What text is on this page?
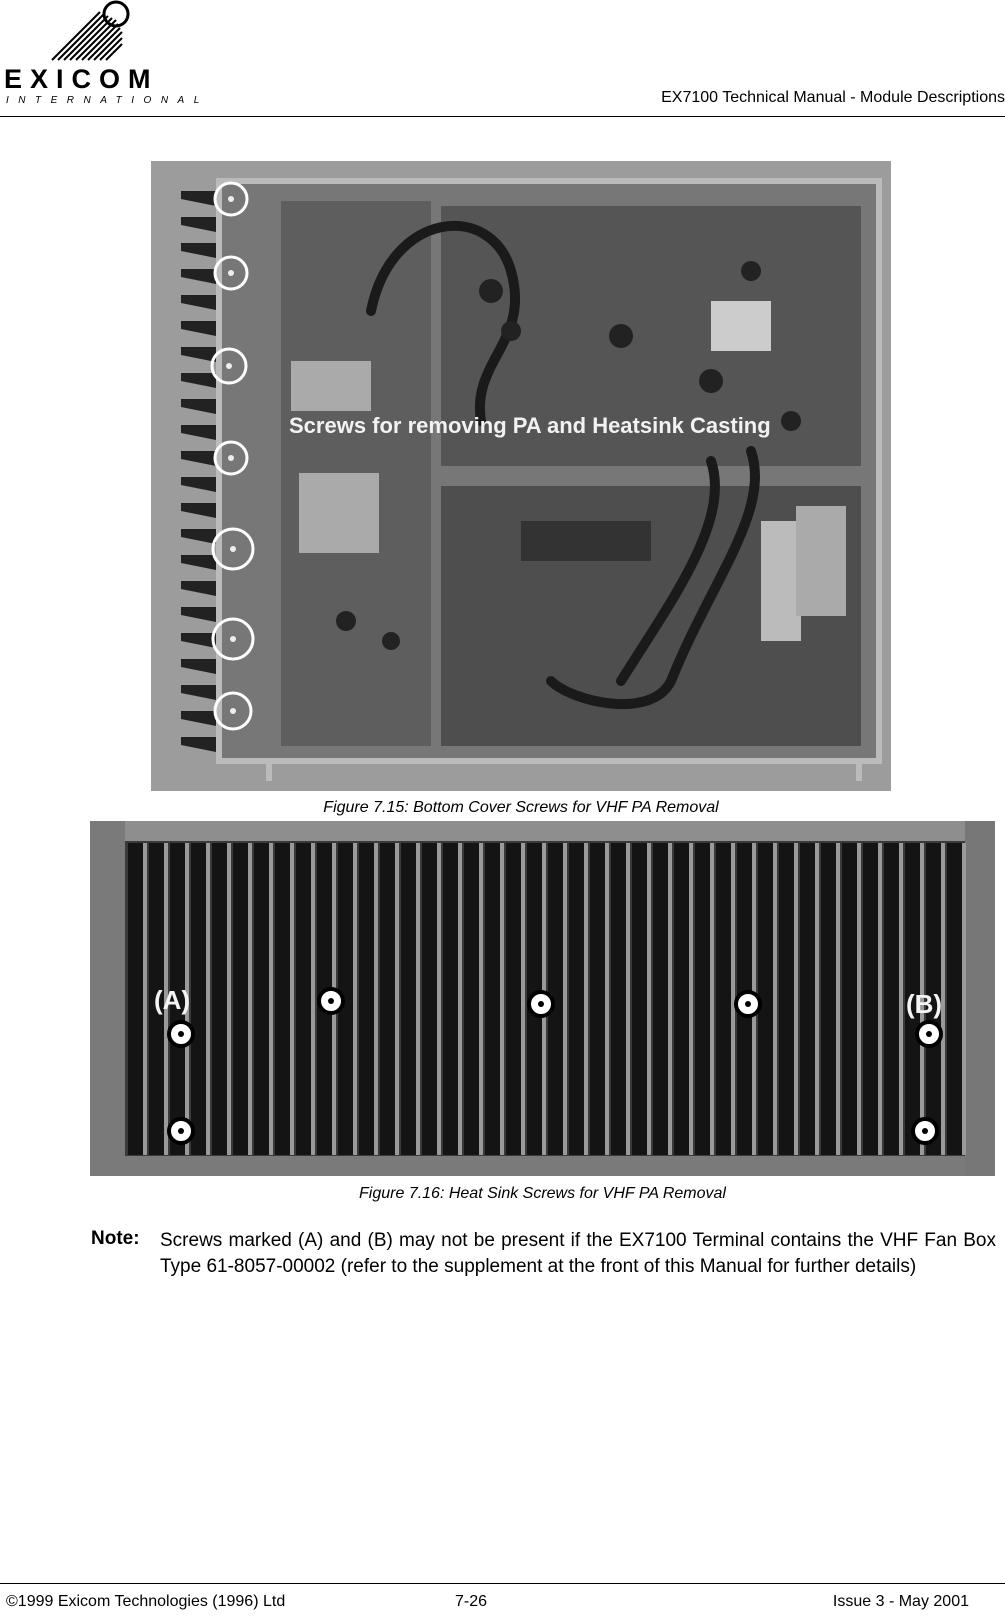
EXICOM
INTERNATIONAL	EX7100 Technical Manual - Module Descriptions
Screws for removing PA and Heatsink Casting
Figure 7.15: Bottom Cover Screws for VHF PA Removal
(A)	(B)
Figure 7.16: Heat Sink Screws for VHF PA Removal
Note: Screws marked (A) and (B) may not be present if the EX7100 Terminal contains the VHF Fan Box Type 61-8057-00002 (refer to the supplement at the front of this Manual for further details)
©1999 Exicom Technologies (1996) Ltd	7-26	Issue 3 - May 2001
